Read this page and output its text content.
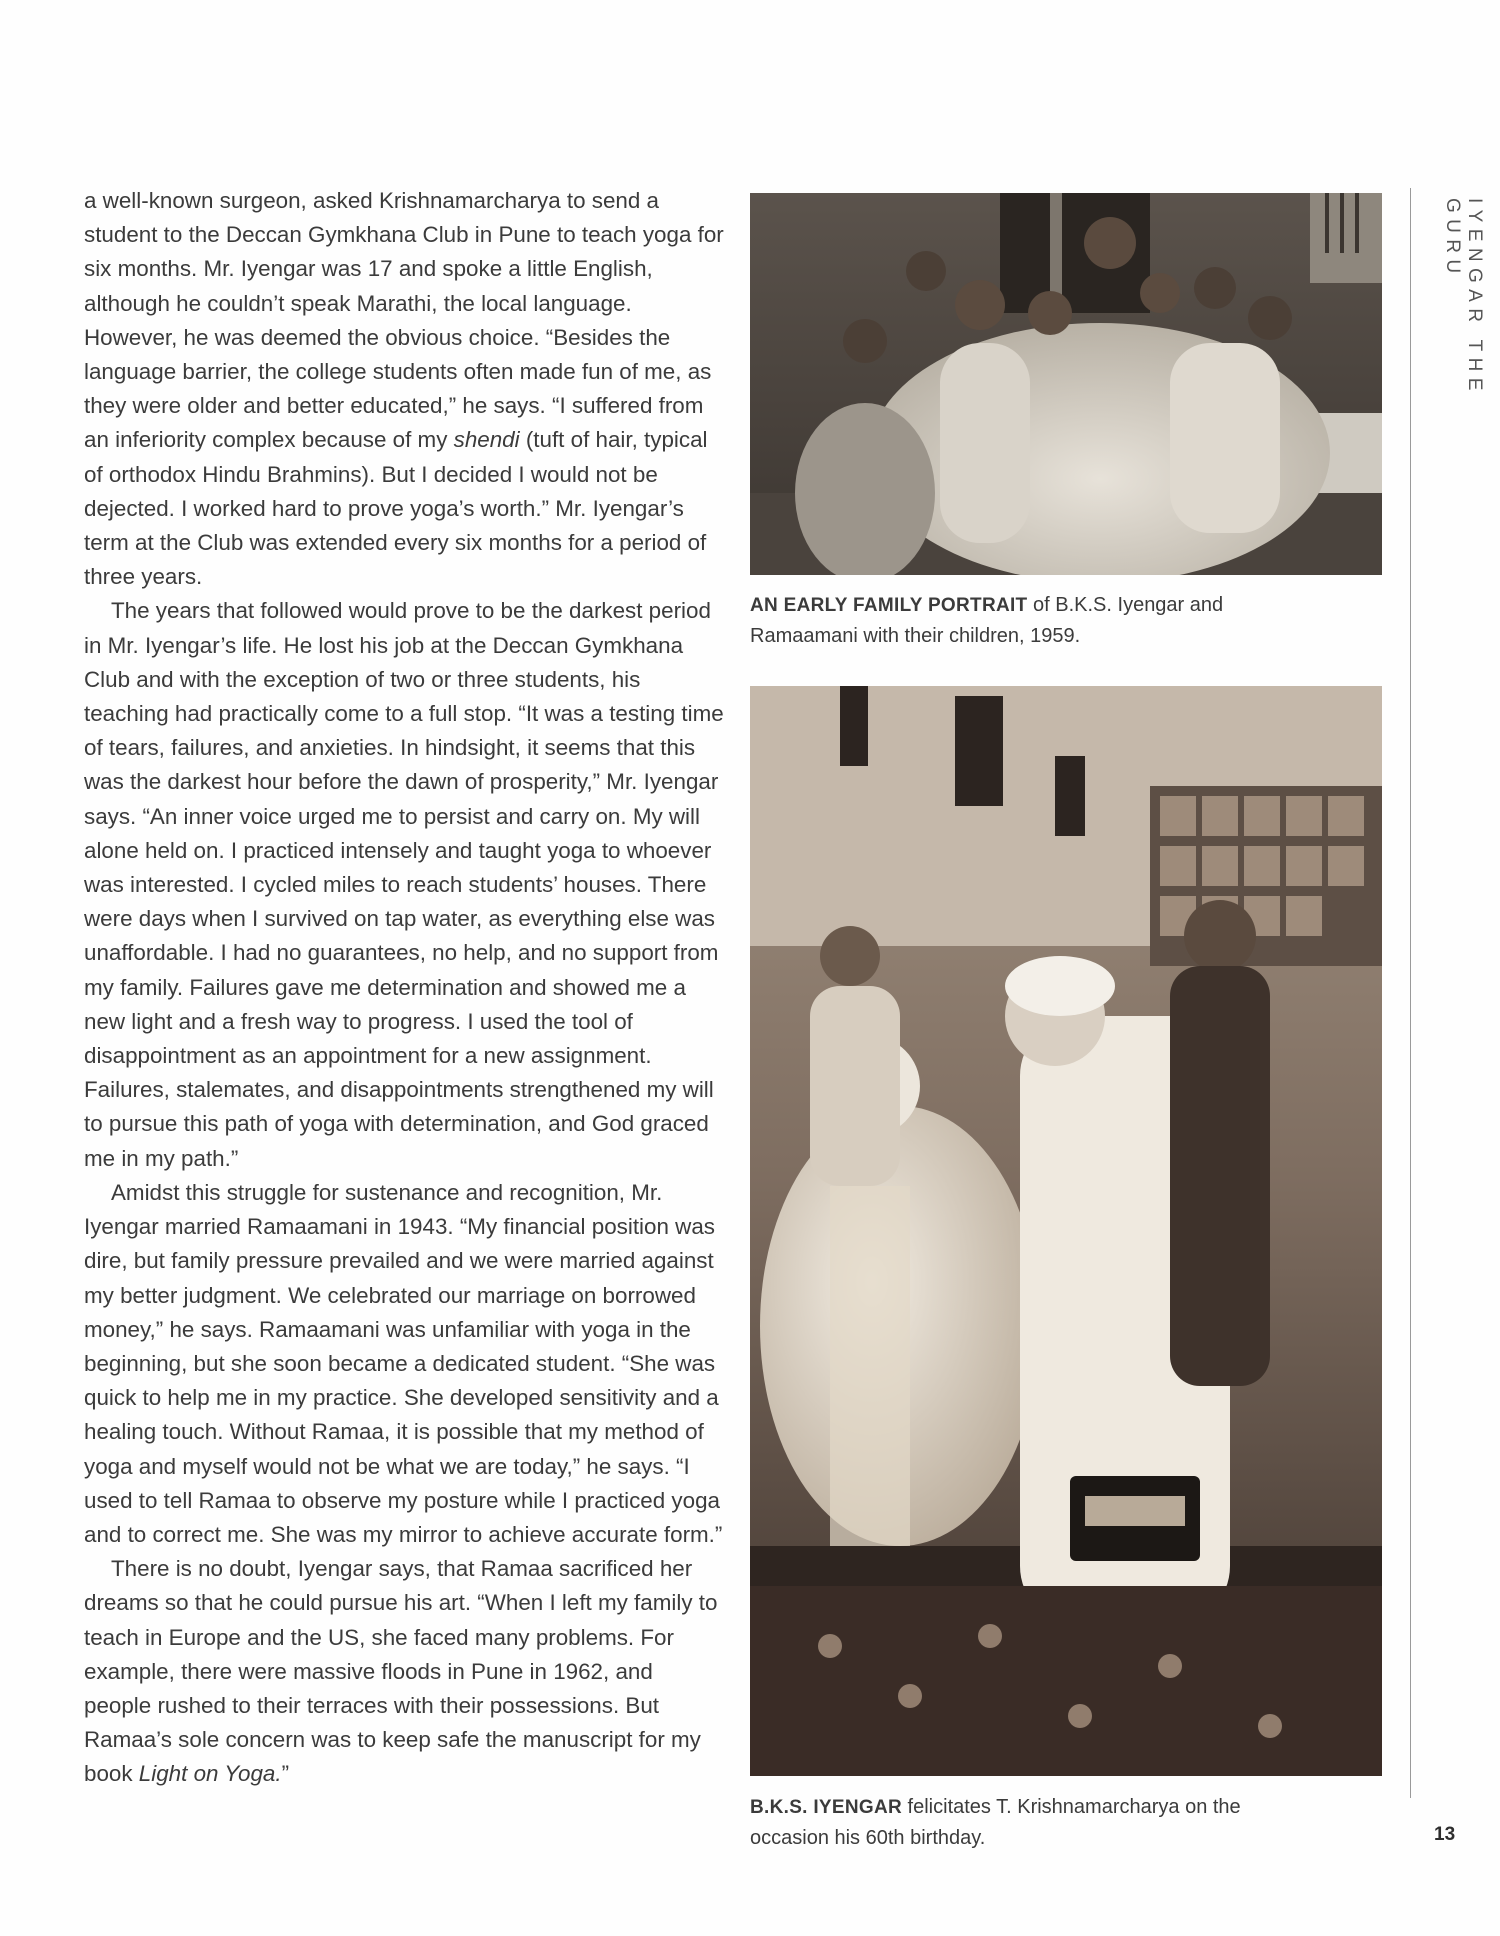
a well-known surgeon, asked Krishnamarcharya to send a student to the Deccan Gymkhana Club in Pune to teach yoga for six months. Mr. Iyengar was 17 and spoke a little English, although he couldn’t speak Marathi, the local language. However, he was deemed the obvious choice. “Besides the language barrier, the college students often made fun of me, as they were older and better educated,” he says. “I suffered from an inferiority complex because of my shendi (tuft of hair, typical of orthodox Hindu Brahmins). But I decided I would not be dejected. I worked hard to prove yoga’s worth.” Mr. Iyengar’s term at the Club was extended every six months for a period of three years.

The years that followed would prove to be the darkest period in Mr. Iyengar’s life. He lost his job at the Deccan Gymkhana Club and with the exception of two or three students, his teaching had practically come to a full stop. “It was a testing time of tears, failures, and anxieties. In hindsight, it seems that this was the darkest hour before the dawn of prosperity,” Mr. Iyengar says. “An inner voice urged me to persist and carry on. My will alone held on. I practiced intensely and taught yoga to whoever was interested. I cycled miles to reach students’ houses. There were days when I survived on tap water, as everything else was unaffordable. I had no guarantees, no help, and no support from my family. Failures gave me determination and showed me a new light and a fresh way to progress. I used the tool of disappointment as an appointment for a new assignment. Failures, stalemates, and disappointments strengthened my will to pursue this path of yoga with determination, and God graced me in my path.”

Amidst this struggle for sustenance and recognition, Mr. Iyengar married Ramaamani in 1943. “My financial position was dire, but family pressure prevailed and we were married against my better judgment. We celebrated our marriage on borrowed money,” he says. Ramaamani was unfamiliar with yoga in the beginning, but she soon became a dedicated student. “She was quick to help me in my practice. She developed sensitivity and a healing touch. Without Ramaa, it is possible that my method of yoga and myself would not be what we are today,” he says. “I used to tell Ramaa to observe my posture while I practiced yoga and to correct me. She was my mirror to achieve accurate form.”

There is no doubt, Iyengar says, that Ramaa sacrificed her dreams so that he could pursue his art. “When I left my family to teach in Europe and the US, she faced many problems. For example, there were massive floods in Pune in 1962, and people rushed to their terraces with their possessions. But Ramaa’s sole concern was to keep safe the manuscript for my book Light on Yoga.”

AN EARLY FAMILY PORTRAIT of B.K.S. Iyengar and Ramaamani with their children, 1959.
B.K.S. IYENGAR felicitates T. Krishnamarcharya on the occasion his 60th birthday.
IYENGAR THE GURU
13
